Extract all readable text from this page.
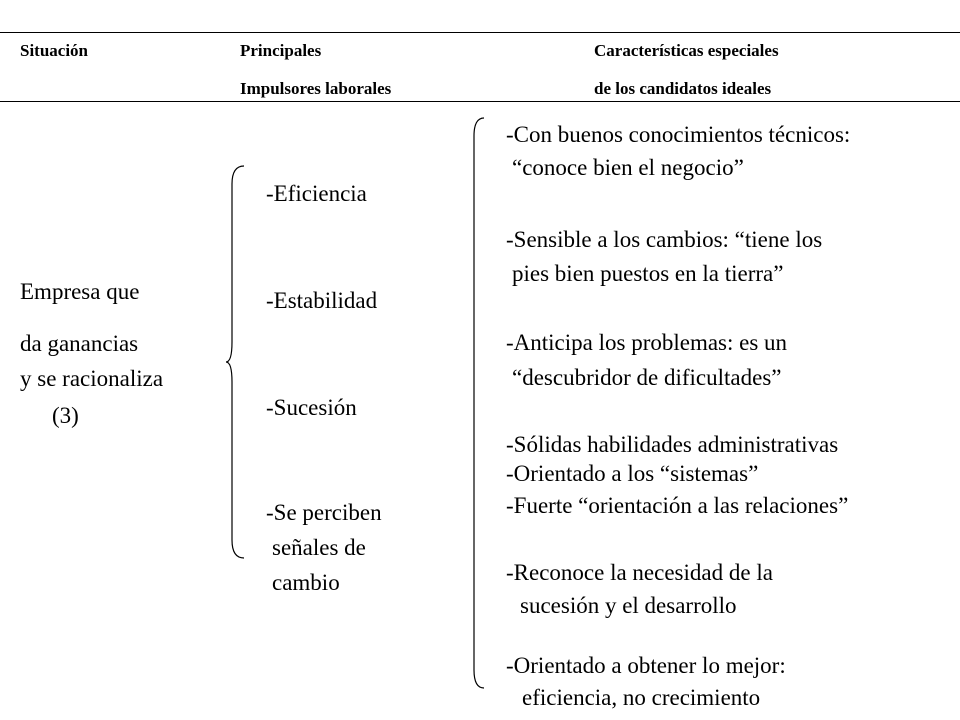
Situación	Principales
Impulsores laborales
Características especiales
de los candidatos ideales
Empresa que
da ganancias
y se racionaliza
(3)
-Eficiencia
-Estabilidad
-Sucesión
-Se perciben
señales de
cambio
-Con buenos conocimientos técnicos:
“conoce bien el negocio”
-Sensible a los cambios: “tiene los
pies bien puestos en la tierra”
-Anticipa los problemas: es un
“descubridor de dificultades”
-Sólidas habilidades administrativas
-Orientado a los “sistemas”
-Fuerte “orientación a las relaciones”
-Reconoce la necesidad de la
sucesión y el desarrollo
-Orientado a obtener lo mejor:
eficiencia, no crecimiento
